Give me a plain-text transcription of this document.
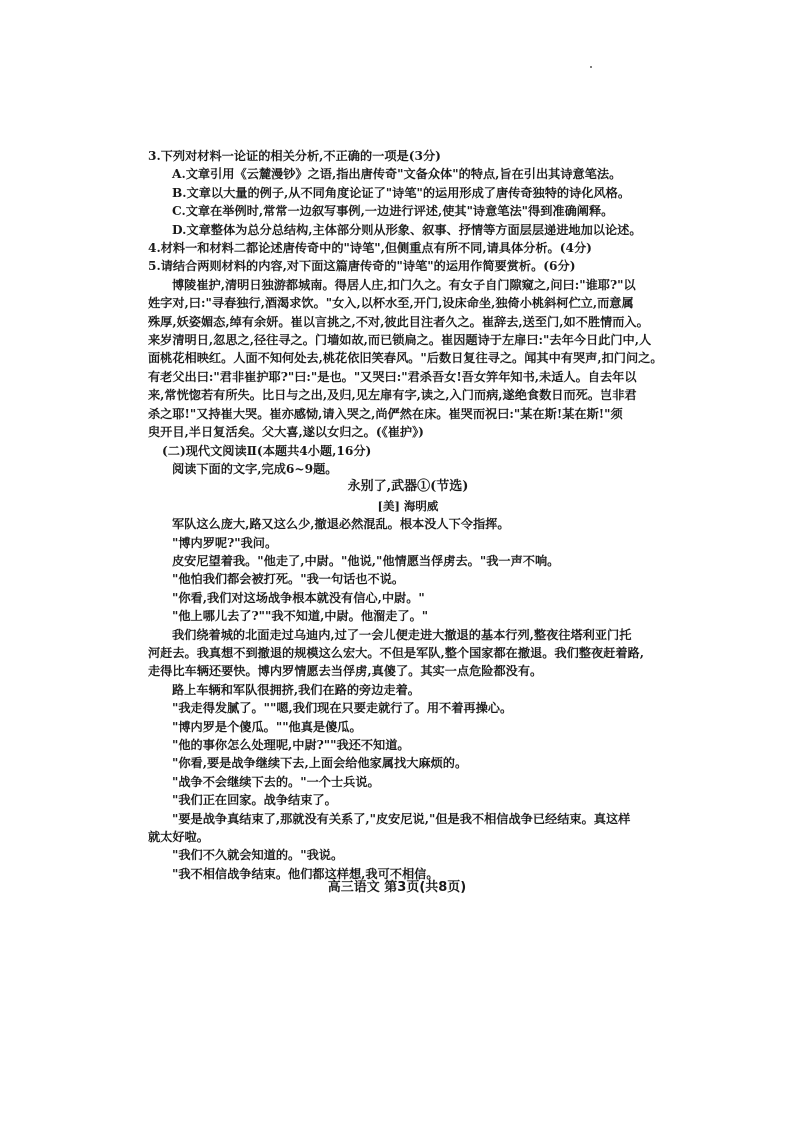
3.下列对材料一论证的相关分析,不正确的一项是(3分)
A.文章引用《云麓漫钞》之语,指出唐传奇"文备众体"的特点,旨在引出其诗意笔法。
B.文章以大量的例子,从不同角度论证了"诗笔"的运用形成了唐传奇独特的诗化风格。
C.文章在举例时,常常一边叙写事例,一边进行评述,使其"诗意笔法"得到准确阐释。
D.文章整体为总分总结构,主体部分则从形象、叙事、抒情等方面层层递进地加以论述。
4.材料一和材料二都论述唐传奇中的"诗笔",但侧重点有所不同,请具体分析。(4分)
5.请结合两则材料的内容,对下面这篇唐传奇的"诗笔"的运用作简要赏析。(6分)
博陵崔护,清明日独游都城南。得居人庄,扣门久之。有女子自门隙窥之,问曰:"谁耶?"以
姓字对,曰:"寻春独行,酒渴求饮。"女入,以杯水至,开门,设床命坐,独倚小桃斜柯伫立,而意属
殊厚,妖姿媚态,绰有余妍。崔以言挑之,不对,彼此目注者久之。崔辞去,送至门,如不胜情而入。
来岁清明日,忽思之,径往寻之。门墙如故,而已锁扃之。崔因题诗于左扉曰:"去年今日此门中,人
面桃花相映红。人面不知何处去,桃花依旧笑春风。"后数日复往寻之。闻其中有哭声,扣门问之。
有老父出曰:"君非崔护耶?"曰:"是也。"又哭曰:"君杀吾女!吾女笄年知书,未适人。自去年以
来,常恍惚若有所失。比日与之出,及归,见左扉有字,读之,入门而病,遂绝食数日而死。岂非君
杀之耶!"又持崔大哭。崔亦感恸,请入哭之,尚俨然在床。崔哭而祝曰:"某在斯!某在斯!"须
臾开目,半日复活矣。父大喜,遂以女归之。(《崔护》)
(二)现代文阅读Ⅱ(本题共4小题,16分)
阅读下面的文字,完成6~9题。
永别了,武器①(节选)
[美] 海明威
军队这么庞大,路又这么少,撤退必然混乱。根本没人下令指挥。
"博内罗呢?"我问。
皮安尼望着我。"他走了,中尉。"他说,"他情愿当俘虏去。"我一声不响。
"他怕我们都会被打死。"我一句话也不说。
"你看,我们对这场战争根本就没有信心,中尉。"
"他上哪儿去了?""我不知道,中尉。他溜走了。"
我们绕着城的北面走过乌迪内,过了一会儿便走进大撤退的基本行列,整夜往塔利亚门托
河赶去。我真想不到撤退的规模这么宏大。不但是军队,整个国家都在撤退。我们整夜赶着路,
走得比车辆还要快。博内罗情愿去当俘虏,真傻了。其实一点危险都没有。
路上车辆和军队很拥挤,我们在路的旁边走着。
"我走得发腻了。""嗯,我们现在只要走就行了。用不着再操心。
"博内罗是个傻瓜。""他真是傻瓜。
"他的事你怎么处理呢,中尉?""我还不知道。
"你看,要是战争继续下去,上面会给他家属找大麻烦的。
"战争不会继续下去的。"一个士兵说。
"我们正在回家。战争结束了。
"要是战争真结束了,那就没有关系了,"皮安尼说,"但是我不相信战争已经结束。真这样
就太好啦。
"我们不久就会知道的。"我说。
"我不相信战争结束。他们都这样想,我可不相信。
高三语文 第3页(共8页)
